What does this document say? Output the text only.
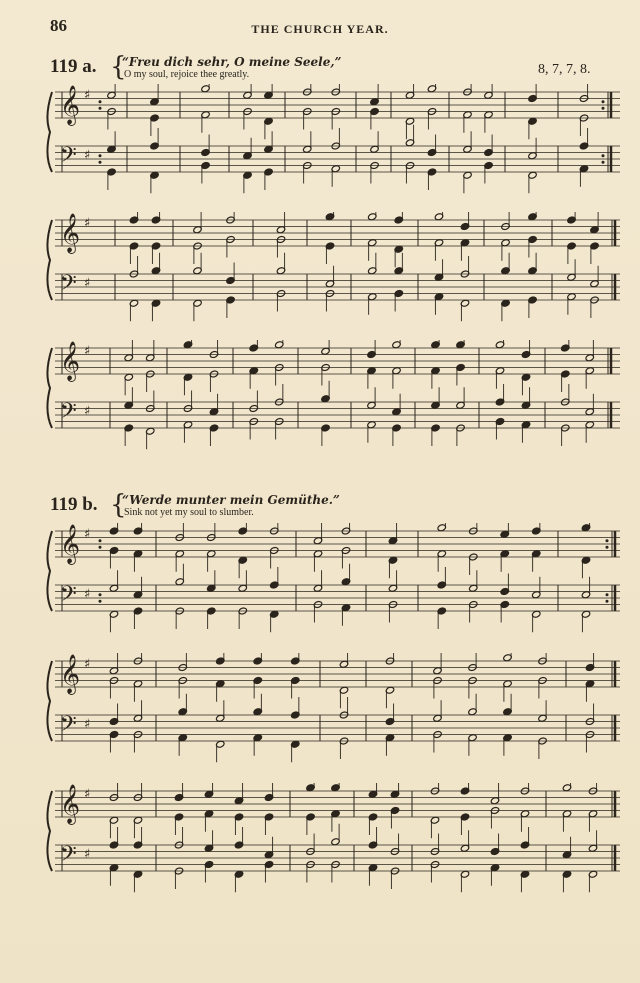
86	THE CHURCH YEAR.
119 a. {
“Freu dich sehr, O meine Seele,”
O my soul, rejoice thee greatly.	8, 7, 7, 8.
119 b. {
“Werde munter mein Gemüthe.”
Sink not yet my soul to slumber.
𝄞 ♯
𝄢 ♯
𝄞 ♯
𝄢 ♯
𝄞 ♯
𝄢 ♯
𝄞 ♯
𝄢 ♯
𝄞 ♯
𝄢 ♯
𝄞 ♯
𝄢 ♯
